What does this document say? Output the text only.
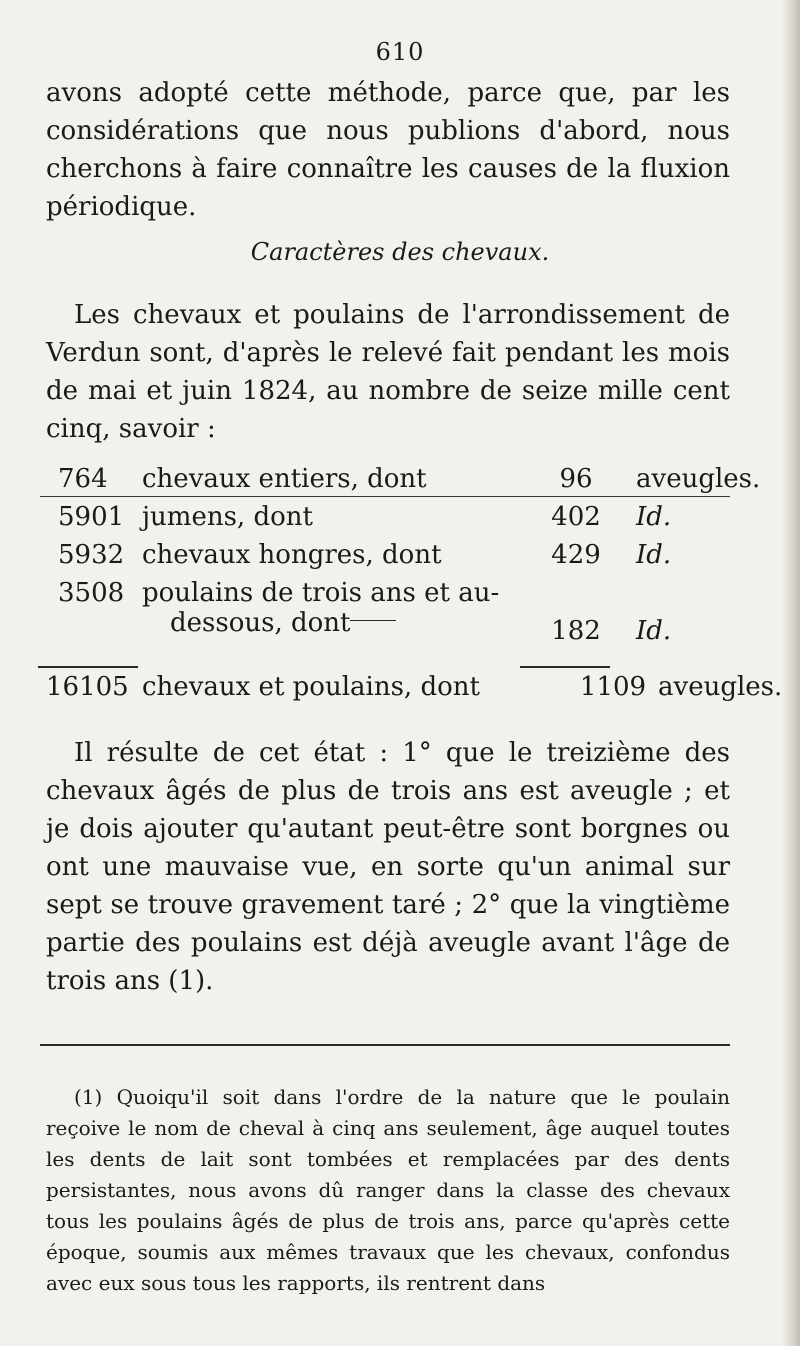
610
avons adopté cette méthode, parce que, par les considérations que nous publions d'abord, nous cherchons à faire connaître les causes de la fluxion périodique.
Caractères des chevaux.
Les chevaux et poulains de l'arrondissement de Verdun sont, d'après le relevé fait pendant les mois de mai et juin 1824, au nombre de seize mille cent cinq, savoir :
764 chevaux entiers, dont	96	aveugles.
5901 jumens, dont	402 Id.
5932 chevaux hongres, dont	429 Id.
3508 poulains de trois ans et au-
dessous, dont	182 Id.
16105 chevaux et poulains, dont	1109 aveugles.
Il résulte de cet état : 1° que le treizième des chevaux âgés de plus de trois ans est aveugle ; et je dois ajouter qu'autant peut-être sont borgnes ou ont une mauvaise vue, en sorte qu'un animal sur sept se trouve gravement taré ; 2° que la vingtième partie des poulains est déjà aveugle avant l'âge de trois ans (1).
(1) Quoiqu'il soit dans l'ordre de la nature que le poulain reçoive le nom de cheval à cinq ans seulement, âge auquel toutes les dents de lait sont tombées et remplacées par des dents persistantes, nous avons dû ranger dans la classe des chevaux tous les poulains âgés de plus de trois ans, parce qu'après cette époque, soumis aux mêmes travaux que les chevaux, confondus avec eux sous tous les rapports, ils rentrent dans
